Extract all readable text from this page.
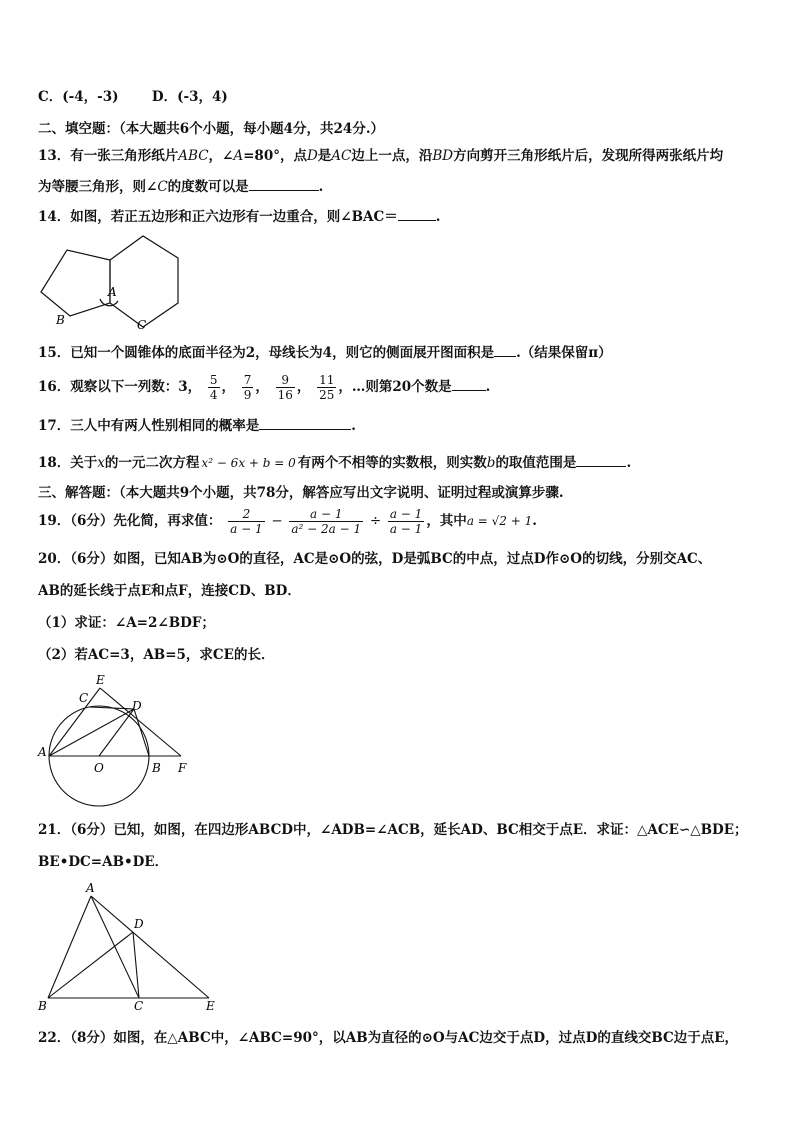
C．(-4，-3) D．(-3，4)
二、填空题：（本大题共6个小题，每小题4分，共24分.）
13．有一张三角形纸片ABC，∠A=80°，点D是AC边上一点，沿BD方向剪开三角形纸片后，发现所得两张纸片均
为等腰三角形，则∠C的度数可以是	.
14．如图，若正五边形和正六边形有一边重合，则∠BAC＝	.
A
B	C
15．已知一个圆锥体的底面半径为2，母线长为4，则它的侧面展开图面积是 .（结果保留π）
16．观察以下一列数：3， $\frac{5}{4}$ ， $\frac{7}{9}$ ， $\frac{9}{16}$ ， $\frac{11}{25}$ ，…则第20个数是	.
17．三人中有两人性别相同的概率是	.
18．关于x的一元二次方程 x² − 6x + b = 0 有两个不相等的实数根，则实数b的取值范围是	.
三、解答题：（本大题共9个小题，共78分，解答应写出文字说明、证明过程或演算步骤.
19．（6分）先化简，再求值： $\frac{2}{a - 1} - \frac{a - 1}{\text{a² − 2a − 1}} \div \frac{a - 1}{a - 1}$ ，其中a = √2 + 1.
20．（6分）如图，已知AB为⊙O的直径，AC是⊙O的弦，D是弧BC的中点，过点D作⊙O的切线，分别交AC、
AB的延长线于点E和点F，连接CD、BD．
（1）求证：∠A=2∠BDF；
（2）若AC=3，AB=5，求CE的长．
A
C
E
D
O	B F
21．（6分）已知，如图，在四边形ABCD中，∠ADB=∠ACB，延长AD、BC相交于点E．求证：△ACE∽△BDE；
BE•DC=AB•DE．
A
D
B	C	E
22．（8分）如图，在△ABC中，∠ABC=90°，以AB为直径的⊙O与AC边交于点D，过点D的直线交BC边于点E，
